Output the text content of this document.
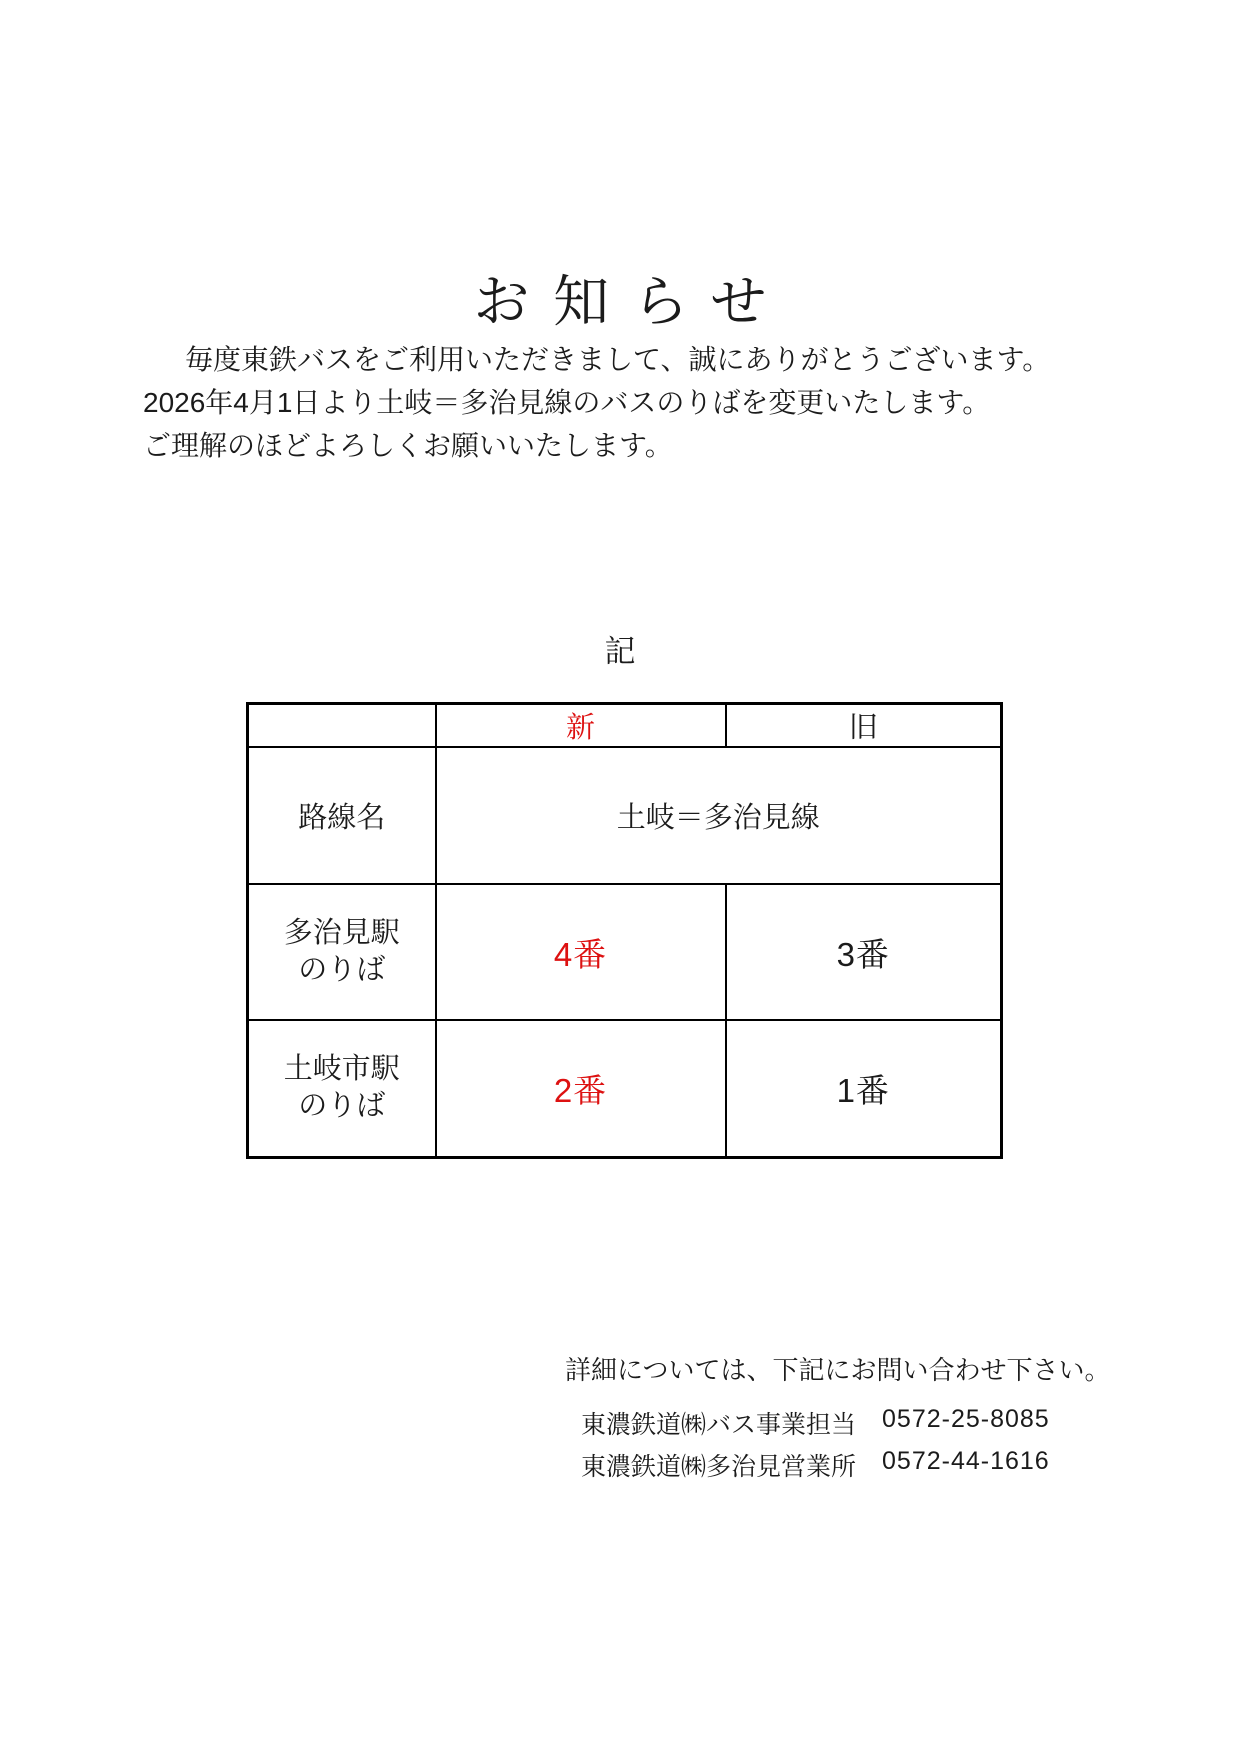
お知らせ
毎度東鉄バスをご利用いただきまして、誠にありがとうございます。
2026年4月1日より土岐＝多治見線のバスのりばを変更いたします。
ご理解のほどよろしくお願いいたします。
記
	新	旧
路線名	土岐＝多治見線	

多治見駅
のりば	4番	3番

土岐市駅
のりば	2番	1番
詳細については、下記にお問い合わせ下さい。
東濃鉄道㈱バス事業担当 0572-25-8085
東濃鉄道㈱多治見営業所 0572-44-1616
